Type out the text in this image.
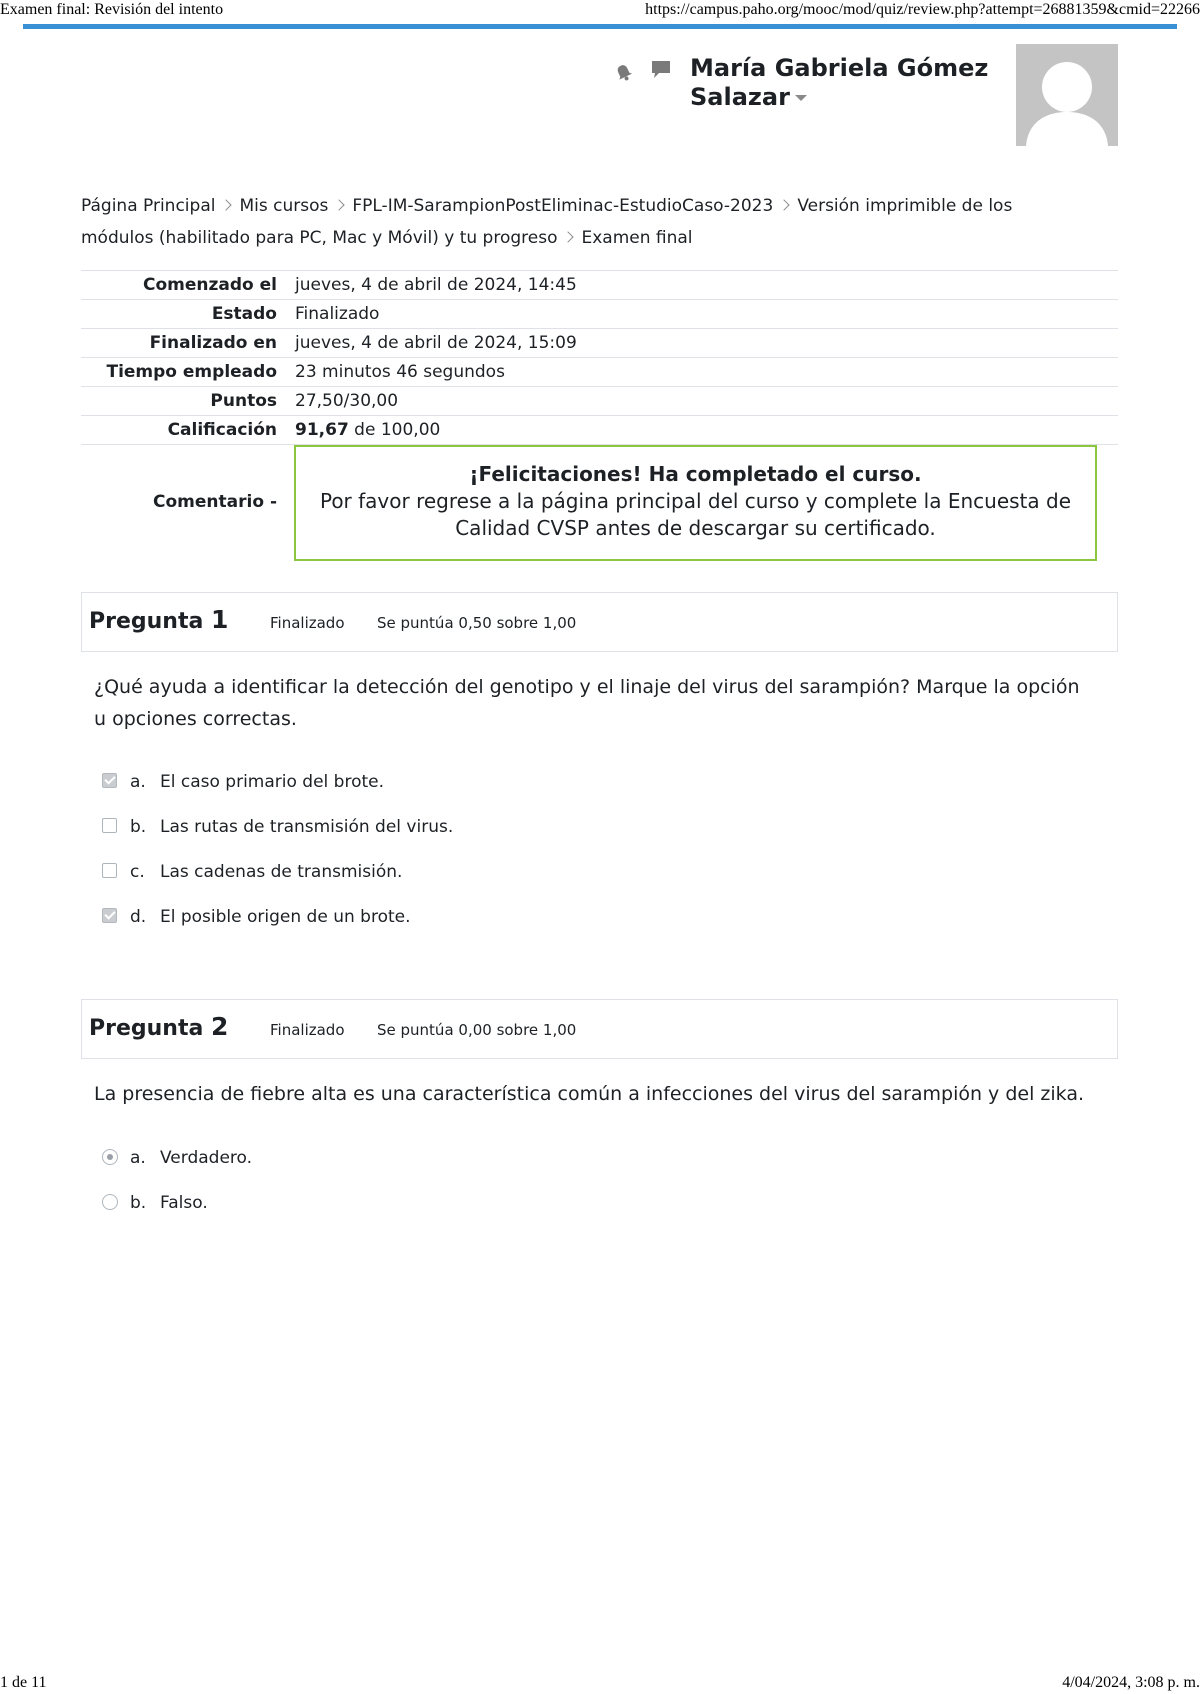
Examen final: Revisión del intento	https://campus.paho.org/mooc/mod/quiz/review.php?attempt=26881359&cmid=22266
María Gabriela Gómez
Salazar
Página Principal Mis cursos FPL-IM-SarampionPostEliminac-EstudioCaso-2023 Versión imprimible de los módulos (habilitado para PC, Mac y Móvil) y tu progreso Examen final
Comenzado el	jueves, 4 de abril de 2024, 14:45
Estado	Finalizado
Finalizado en	jueves, 4 de abril de 2024, 15:09
Tiempo empleado	23 minutos 46 segundos
Puntos	27,50/30,00
Calificación	91,67 de 100,00
Comentario -
¡Felicitaciones! Ha completado el curso.
Por favor regrese a la página principal del curso y complete la Encuesta de Calidad CVSP antes de descargar su certificado.
Pregunta 1	Finalizado Se puntúa 0,50 sobre 1,00
¿Qué ayuda a identificar la detección del genotipo y el linaje del virus del sarampión? Marque la opción u opciones correctas.
a. El caso primario del brote.
b. Las rutas de transmisión del virus.
c. Las cadenas de transmisión.
d. El posible origen de un brote.
Pregunta 2	Finalizado Se puntúa 0,00 sobre 1,00
La presencia de fiebre alta es una característica común a infecciones del virus del sarampión y del zika.
a. Verdadero.
b. Falso.
1 de 11	4/04/2024, 3:08 p. m.
